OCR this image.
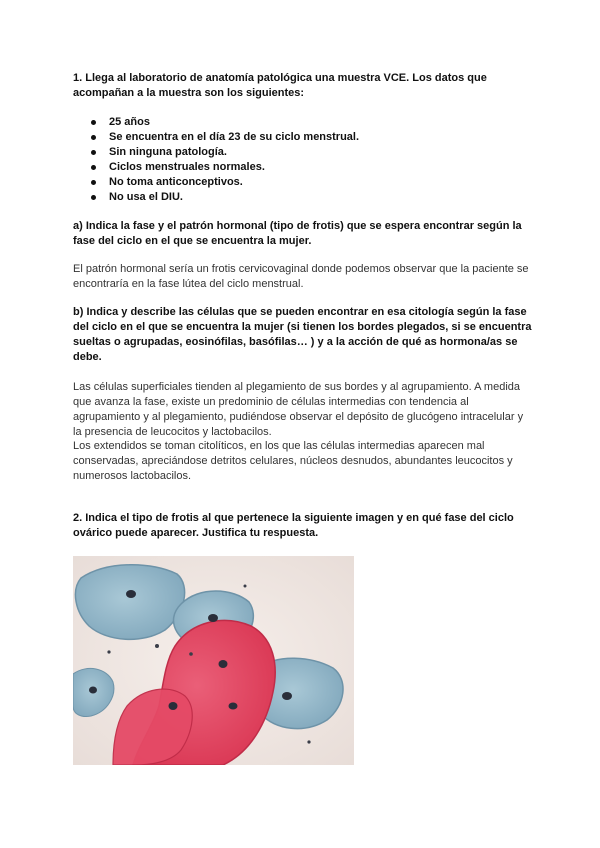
1. Llega al laboratorio de anatomía patológica una muestra VCE. Los datos que acompañan a la muestra son los siguientes:
25 años
Se encuentra en el día 23 de su ciclo menstrual.
Sin ninguna patología.
Ciclos menstruales normales.
No toma anticonceptivos.
No usa el DIU.
a) Indica la fase y el patrón hormonal (tipo de frotis) que se espera encontrar según la fase del ciclo en el que se encuentra la mujer.
El patrón hormonal sería un frotis cervicovaginal donde podemos observar que la paciente se encontraría en la fase lútea del ciclo menstrual.
b) Indica y describe las células que se pueden encontrar en esa citología según la fase del ciclo en el que se encuentra la mujer (si tienen los bordes plegados, si se encuentra sueltas o agrupadas, eosinófilas, basófilas… ) y a la acción de qué as hormona/as se debe.
Las células superficiales tienden al plegamiento de sus bordes y al agrupamiento. A medida que avanza la fase, existe un predominio de células intermedias con tendencia al agrupamiento y al plegamiento, pudiéndose observar el depósito de glucógeno intracelular y la presencia de leucocitos y lactobacilos.
Los extendidos se toman citolíticos, en los que las células intermedias aparecen mal conservadas, apreciándose detritos celulares, núcleos desnudos, abundantes leucocitos y numerosos lactobacilos.
2. Indica el tipo de frotis al que pertenece la siguiente imagen y en qué fase del ciclo ovárico puede aparecer. Justifica tu respuesta.
